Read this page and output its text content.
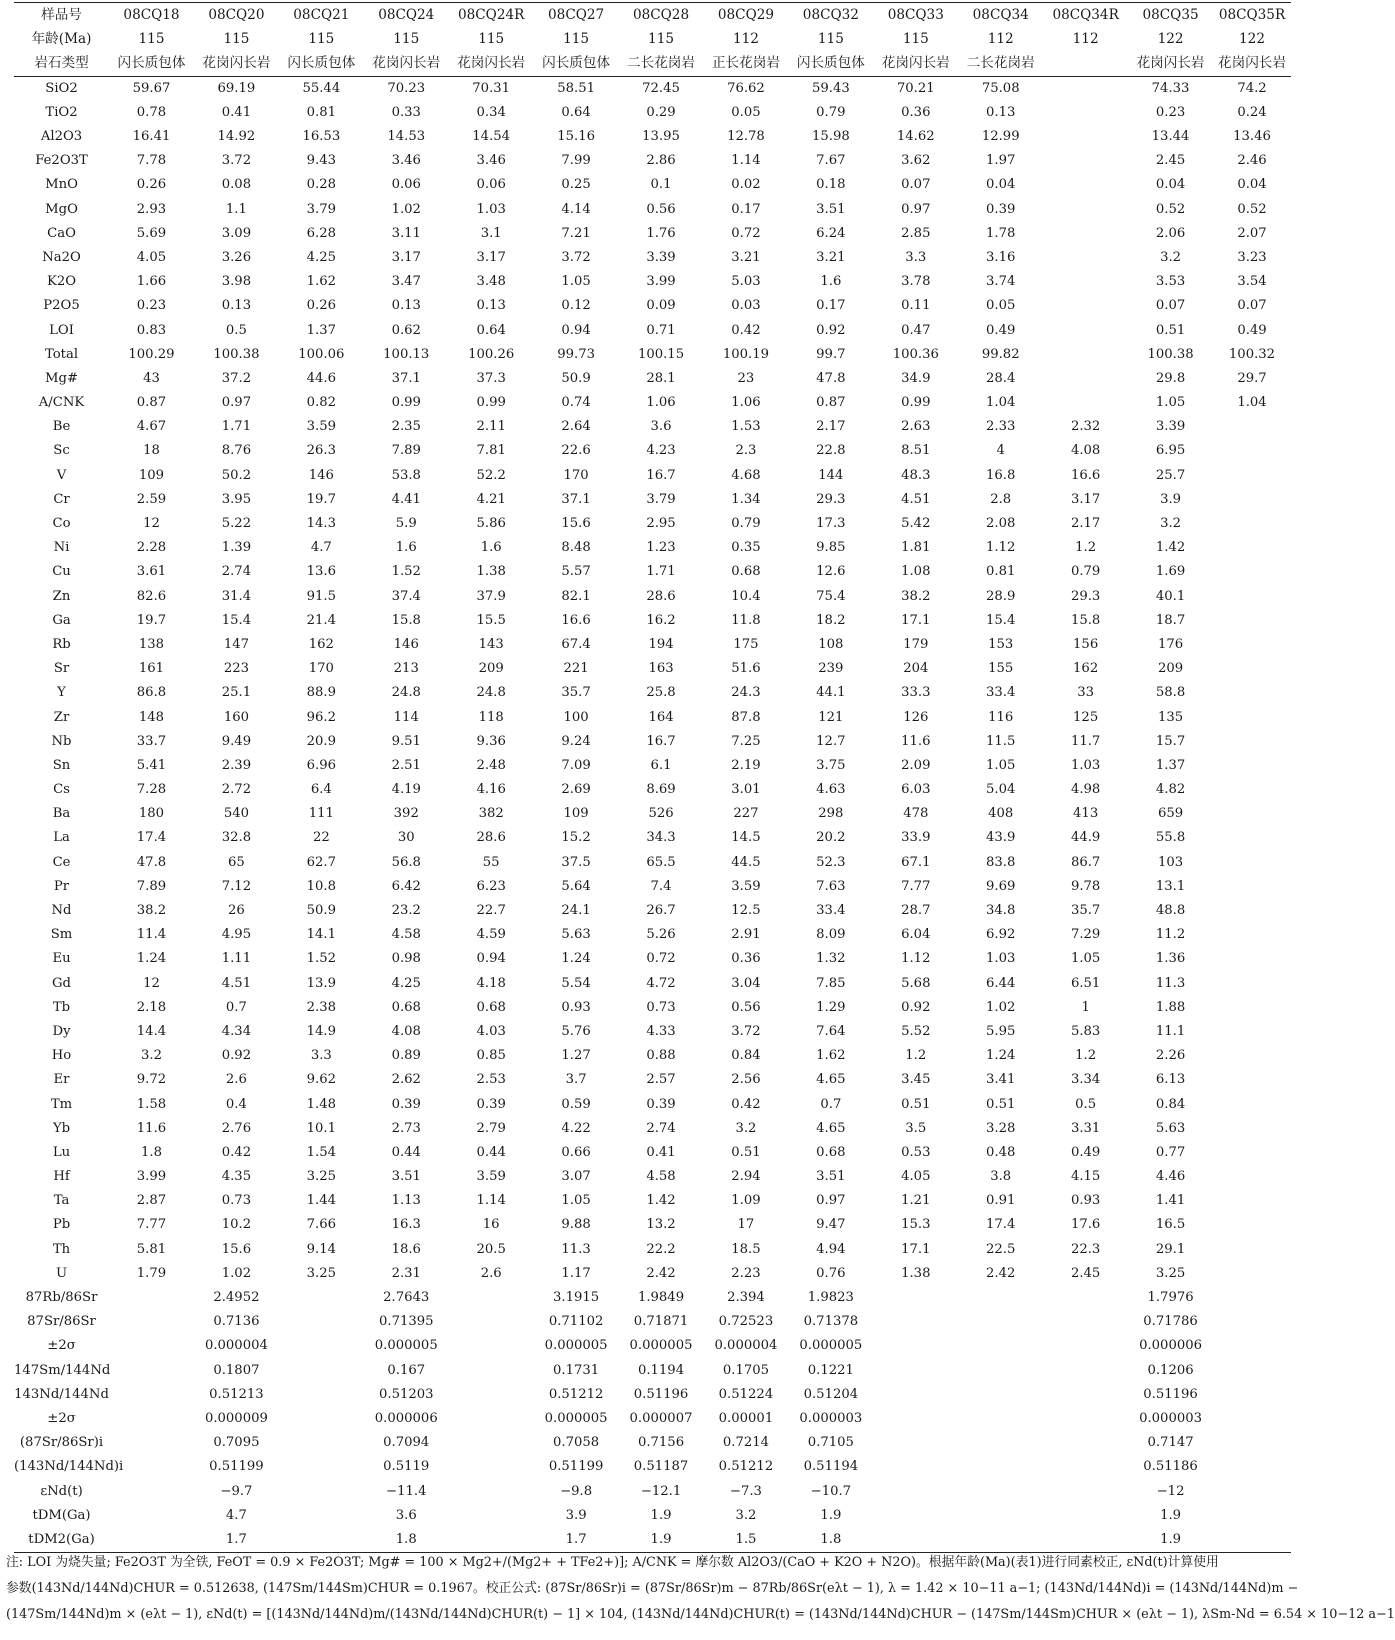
样品号	08CQ18	08CQ20	08CQ21	08CQ24	08CQ24R	08CQ27	08CQ28	08CQ29	08CQ32	08CQ33	08CQ34	08CQ34R	08CQ35	08CQ35R
年龄(Ma)	115	115	115	115	115	115	115	112	115	115	112	112	122	122
岩石类型	闪长质包体	花岗闪长岩	闪长质包体	花岗闪长岩	花岗闪长岩	闪长质包体	二长花岗岩	正长花岗岩	闪长质包体	花岗闪长岩	二长花岗岩		花岗闪长岩	花岗闪长岩
SiO2	59.67	69.19	55.44	70.23	70.31	58.51	72.45	76.62	59.43	70.21	75.08		74.33	74.2
TiO2	0.78	0.41	0.81	0.33	0.34	0.64	0.29	0.05	0.79	0.36	0.13		0.23	0.24
Al2O3	16.41	14.92	16.53	14.53	14.54	15.16	13.95	12.78	15.98	14.62	12.99		13.44	13.46
Fe2O3T	7.78	3.72	9.43	3.46	3.46	7.99	2.86	1.14	7.67	3.62	1.97		2.45	2.46
MnO	0.26	0.08	0.28	0.06	0.06	0.25	0.1	0.02	0.18	0.07	0.04		0.04	0.04
MgO	2.93	1.1	3.79	1.02	1.03	4.14	0.56	0.17	3.51	0.97	0.39		0.52	0.52
CaO	5.69	3.09	6.28	3.11	3.1	7.21	1.76	0.72	6.24	2.85	1.78		2.06	2.07
Na2O	4.05	3.26	4.25	3.17	3.17	3.72	3.39	3.21	3.21	3.3	3.16		3.2	3.23
K2O	1.66	3.98	1.62	3.47	3.48	1.05	3.99	5.03	1.6	3.78	3.74		3.53	3.54
P2O5	0.23	0.13	0.26	0.13	0.13	0.12	0.09	0.03	0.17	0.11	0.05		0.07	0.07
LOI	0.83	0.5	1.37	0.62	0.64	0.94	0.71	0.42	0.92	0.47	0.49		0.51	0.49
Total	100.29	100.38	100.06	100.13	100.26	99.73	100.15	100.19	99.7	100.36	99.82		100.38	100.32
Mg#	43	37.2	44.6	37.1	37.3	50.9	28.1	23	47.8	34.9	28.4		29.8	29.7
A/CNK	0.87	0.97	0.82	0.99	0.99	0.74	1.06	1.06	0.87	0.99	1.04		1.05	1.04
Be	4.67	1.71	3.59	2.35	2.11	2.64	3.6	1.53	2.17	2.63	2.33	2.32	3.39	
Sc	18	8.76	26.3	7.89	7.81	22.6	4.23	2.3	22.8	8.51	4	4.08	6.95	
V	109	50.2	146	53.8	52.2	170	16.7	4.68	144	48.3	16.8	16.6	25.7	
Cr	2.59	3.95	19.7	4.41	4.21	37.1	3.79	1.34	29.3	4.51	2.8	3.17	3.9	
Co	12	5.22	14.3	5.9	5.86	15.6	2.95	0.79	17.3	5.42	2.08	2.17	3.2	
Ni	2.28	1.39	4.7	1.6	1.6	8.48	1.23	0.35	9.85	1.81	1.12	1.2	1.42	
Cu	3.61	2.74	13.6	1.52	1.38	5.57	1.71	0.68	12.6	1.08	0.81	0.79	1.69	
Zn	82.6	31.4	91.5	37.4	37.9	82.1	28.6	10.4	75.4	38.2	28.9	29.3	40.1	
Ga	19.7	15.4	21.4	15.8	15.5	16.6	16.2	11.8	18.2	17.1	15.4	15.8	18.7	
Rb	138	147	162	146	143	67.4	194	175	108	179	153	156	176	
Sr	161	223	170	213	209	221	163	51.6	239	204	155	162	209	
Y	86.8	25.1	88.9	24.8	24.8	35.7	25.8	24.3	44.1	33.3	33.4	33	58.8	
Zr	148	160	96.2	114	118	100	164	87.8	121	126	116	125	135	
Nb	33.7	9.49	20.9	9.51	9.36	9.24	16.7	7.25	12.7	11.6	11.5	11.7	15.7	
Sn	5.41	2.39	6.96	2.51	2.48	7.09	6.1	2.19	3.75	2.09	1.05	1.03	1.37	
Cs	7.28	2.72	6.4	4.19	4.16	2.69	8.69	3.01	4.63	6.03	5.04	4.98	4.82	
Ba	180	540	111	392	382	109	526	227	298	478	408	413	659	
La	17.4	32.8	22	30	28.6	15.2	34.3	14.5	20.2	33.9	43.9	44.9	55.8	
Ce	47.8	65	62.7	56.8	55	37.5	65.5	44.5	52.3	67.1	83.8	86.7	103	
Pr	7.89	7.12	10.8	6.42	6.23	5.64	7.4	3.59	7.63	7.77	9.69	9.78	13.1	
Nd	38.2	26	50.9	23.2	22.7	24.1	26.7	12.5	33.4	28.7	34.8	35.7	48.8	
Sm	11.4	4.95	14.1	4.58	4.59	5.63	5.26	2.91	8.09	6.04	6.92	7.29	11.2	
Eu	1.24	1.11	1.52	0.98	0.94	1.24	0.72	0.36	1.32	1.12	1.03	1.05	1.36	
Gd	12	4.51	13.9	4.25	4.18	5.54	4.72	3.04	7.85	5.68	6.44	6.51	11.3	
Tb	2.18	0.7	2.38	0.68	0.68	0.93	0.73	0.56	1.29	0.92	1.02	1	1.88	
Dy	14.4	4.34	14.9	4.08	4.03	5.76	4.33	3.72	7.64	5.52	5.95	5.83	11.1	
Ho	3.2	0.92	3.3	0.89	0.85	1.27	0.88	0.84	1.62	1.2	1.24	1.2	2.26	
Er	9.72	2.6	9.62	2.62	2.53	3.7	2.57	2.56	4.65	3.45	3.41	3.34	6.13	
Tm	1.58	0.4	1.48	0.39	0.39	0.59	0.39	0.42	0.7	0.51	0.51	0.5	0.84	
Yb	11.6	2.76	10.1	2.73	2.79	4.22	2.74	3.2	4.65	3.5	3.28	3.31	5.63	
Lu	1.8	0.42	1.54	0.44	0.44	0.66	0.41	0.51	0.68	0.53	0.48	0.49	0.77	
Hf	3.99	4.35	3.25	3.51	3.59	3.07	4.58	2.94	3.51	4.05	3.8	4.15	4.46	
Ta	2.87	0.73	1.44	1.13	1.14	1.05	1.42	1.09	0.97	1.21	0.91	0.93	1.41	
Pb	7.77	10.2	7.66	16.3	16	9.88	13.2	17	9.47	15.3	17.4	17.6	16.5	
Th	5.81	15.6	9.14	18.6	20.5	11.3	22.2	18.5	4.94	17.1	22.5	22.3	29.1	
U	1.79	1.02	3.25	2.31	2.6	1.17	2.42	2.23	0.76	1.38	2.42	2.45	3.25	
87Rb/86Sr		2.4952		2.7643		3.1915	1.9849	2.394	1.9823				1.7976	
87Sr/86Sr		0.7136		0.71395		0.71102	0.71871	0.72523	0.71378				0.71786	
±2σ		0.000004		0.000005		0.000005	0.000005	0.000004	0.000005				0.000006	
147Sm/144Nd		0.1807		0.167		0.1731	0.1194	0.1705	0.1221				0.1206	
143Nd/144Nd		0.51213		0.51203		0.51212	0.51196	0.51224	0.51204				0.51196	
±2σ		0.000009		0.000006		0.000005	0.000007	0.00001	0.000003				0.000003	
(87Sr/86Sr)i		0.7095		0.7094		0.7058	0.7156	0.7214	0.7105				0.7147	
(143Nd/144Nd)i		0.51199		0.5119		0.51199	0.51187	0.51212	0.51194				0.51186	
εNd(t)		−9.7		−11.4		−9.8	−12.1	−7.3	−10.7				−12	
tDM(Ga)		4.7		3.6		3.9	1.9	3.2	1.9				1.9	
tDM2(Ga)		1.7		1.8		1.7	1.9	1.5	1.8				1.9	
注: LOI 为烧失量; Fe2O3T 为全铁, FeOT = 0.9 × Fe2O3T; Mg# = 100 × Mg2+/(Mg2+ + TFe2+)]; A/CNK = 摩尔数 Al2O3/(CaO + K2O + N2O)。根据年龄(Ma)(表1)进行同素校正, εNd(t)计算使用
参数(143Nd/144Nd)CHUR = 0.512638, (147Sm/144Sm)CHUR = 0.1967。校正公式: (87Sr/86Sr)i = (87Sr/86Sr)m − 87Rb/86Sr(eλt − 1), λ = 1.42 × 10−11 a−1; (143Nd/144Nd)i = (143Nd/144Nd)m −
(147Sm/144Nd)m × (eλt − 1), εNd(t) = [(143Nd/144Nd)m/(143Nd/144Nd)CHUR(t) − 1] × 104, (143Nd/144Nd)CHUR(t) = (143Nd/144Nd)CHUR − (147Sm/144Sm)CHUR × (eλt − 1), λSm-Nd = 6.54 × 10−12 a−1
